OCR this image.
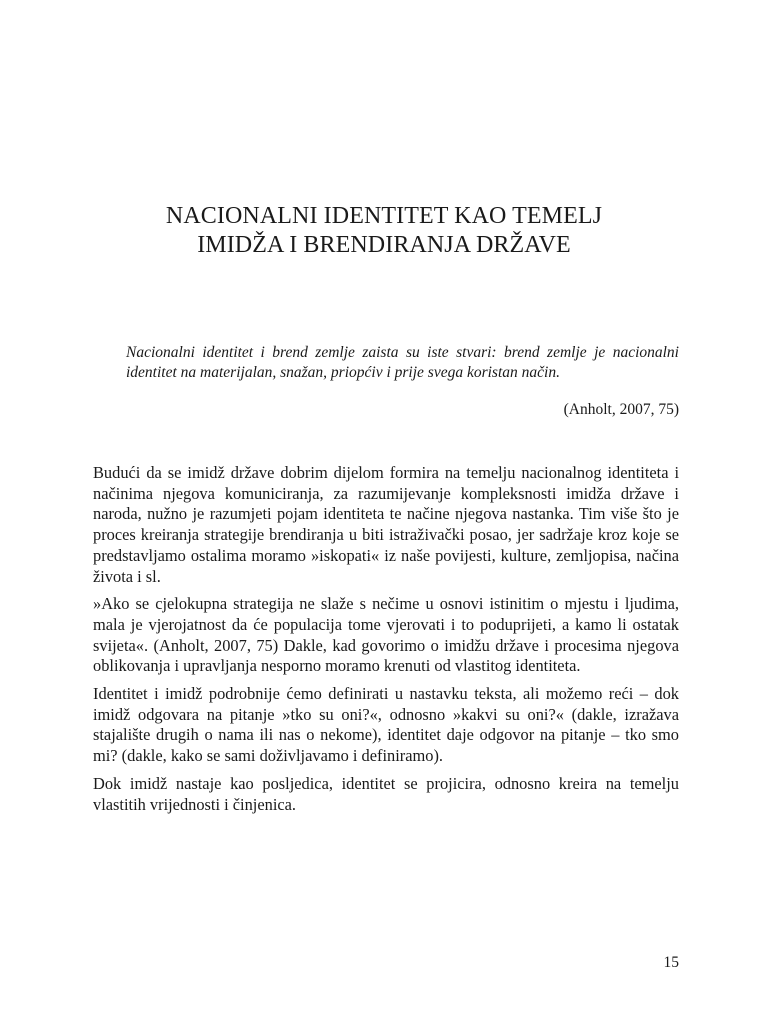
NACIONALNI IDENTITET KAO TEMELJ
IMIDŽA I BRENDIRANJA DRŽAVE

Nacionalni identitet i brend zemlje zaista su iste stvari: brend zemlje je nacionalni identitet na materijalan, snažan, priopćiv i prije svega koristan način.

(Anholt, 2007, 75)

Budući da se imidž države dobrim dijelom formira na temelju nacionalnog identiteta i načinima njegova komuniciranja, za razumijevanje kompleksnosti imidža države i naroda, nužno je razumjeti pojam identiteta te načine njegova nastanka. Tim više što je proces kreiranja strategije brendiranja u biti istraživački posao, jer sadržaje kroz koje se predstavljamo ostalima moramo »iskopati« iz naše povijesti, kulture, zemljopisa, načina života i sl.

»Ako se cjelokupna strategija ne slaže s nečime u osnovi istinitim o mjestu i ljudima, mala je vjerojatnost da će populacija tome vjerovati i to poduprijeti, a kamo li ostatak svijeta«. (Anholt, 2007, 75) Dakle, kad govorimo o imidžu države i procesima njegova oblikovanja i upravljanja nesporno moramo krenuti od vlastitog identiteta.

Identitet i imidž podrobnije ćemo definirati u nastavku teksta, ali možemo reći – dok imidž odgovara na pitanje »tko su oni?«, odnosno »kakvi su oni?« (dakle, izražava stajalište drugih o nama ili nas o nekome), identitet daje odgovor na pitanje – tko smo mi? (dakle, kako se sami doživljavamo i definiramo).

Dok imidž nastaje kao posljedica, identitet se projicira, odnosno kreira na temelju vlastitih vrijednosti i činjenica.

15
